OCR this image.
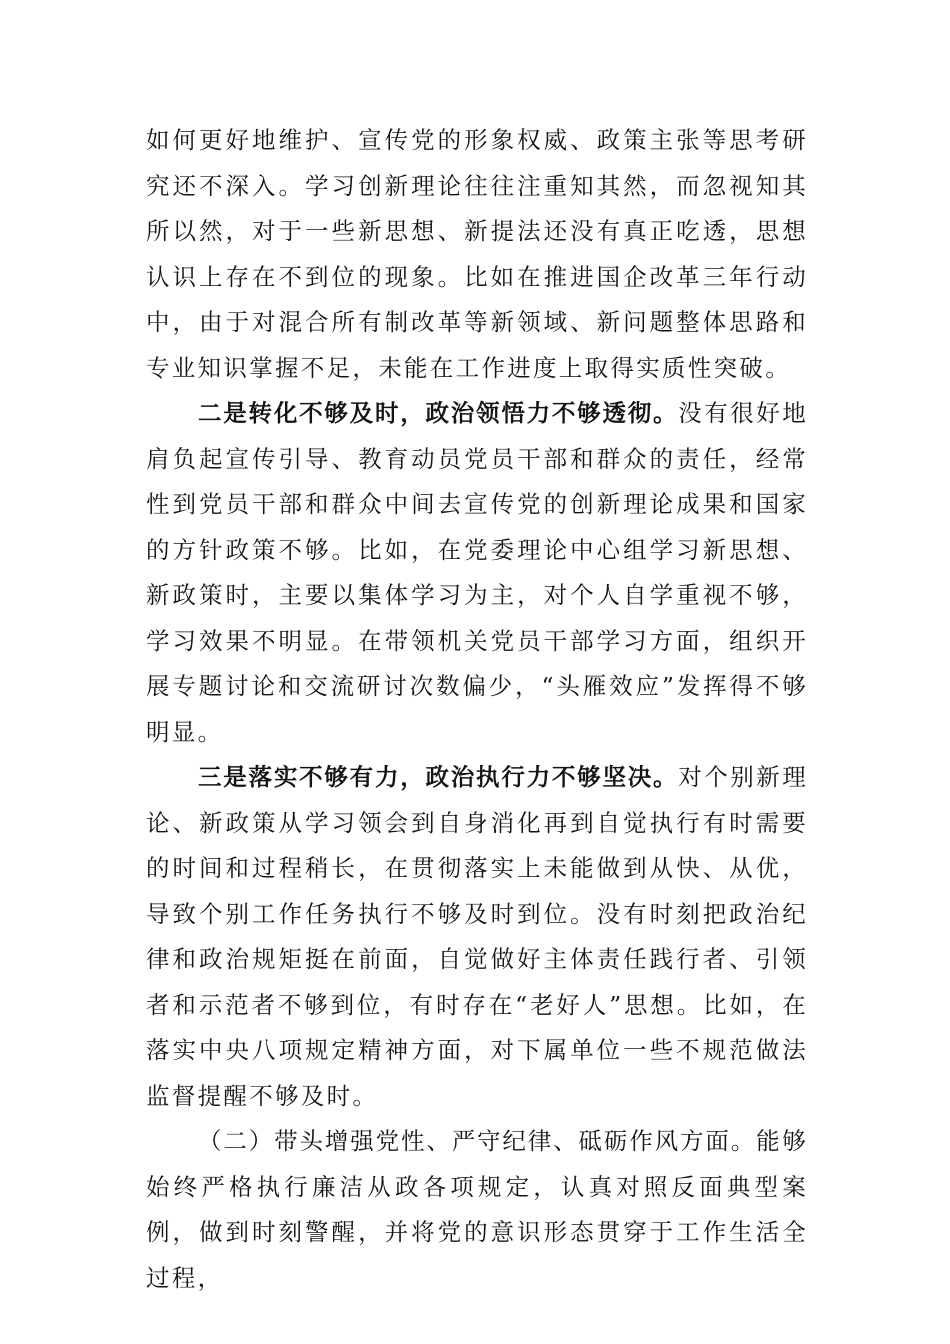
如何更好地维护、宣传党的形象权威、政策主张等思考研究还不深入。学习创新理论往往注重知其然，而忽视知其所以然，对于一些新思想、新提法还没有真正吃透，思想认识上存在不到位的现象。比如在推进国企改革三年行动中，由于对混合所有制改革等新领域、新问题整体思路和专业知识掌握不足，未能在工作进度上取得实质性突破。

二是转化不够及时，政治领悟力不够透彻。没有很好地肩负起宣传引导、教育动员党员干部和群众的责任，经常性到党员干部和群众中间去宣传党的创新理论成果和国家的方针政策不够。比如，在党委理论中心组学习新思想、新政策时，主要以集体学习为主，对个人自学重视不够，学习效果不明显。在带领机关党员干部学习方面，组织开展专题讨论和交流研讨次数偏少，“头雁效应”发挥得不够明显。

三是落实不够有力，政治执行力不够坚决。对个别新理论、新政策从学习领会到自身消化再到自觉执行有时需要的时间和过程稍长，在贯彻落实上未能做到从快、从优，导致个别工作任务执行不够及时到位。没有时刻把政治纪律和政治规矩挺在前面，自觉做好主体责任践行者、引领者和示范者不够到位，有时存在“老好人”思想。比如，在落实中央八项规定精神方面，对下属单位一些不规范做法监督提醒不够及时。

（二）带头增强党性、严守纪律、砥砺作风方面。能够始终严格执行廉洁从政各项规定，认真对照反面典型案例，做到时刻警醒，并将党的意识形态贯穿于工作生活全过程，
